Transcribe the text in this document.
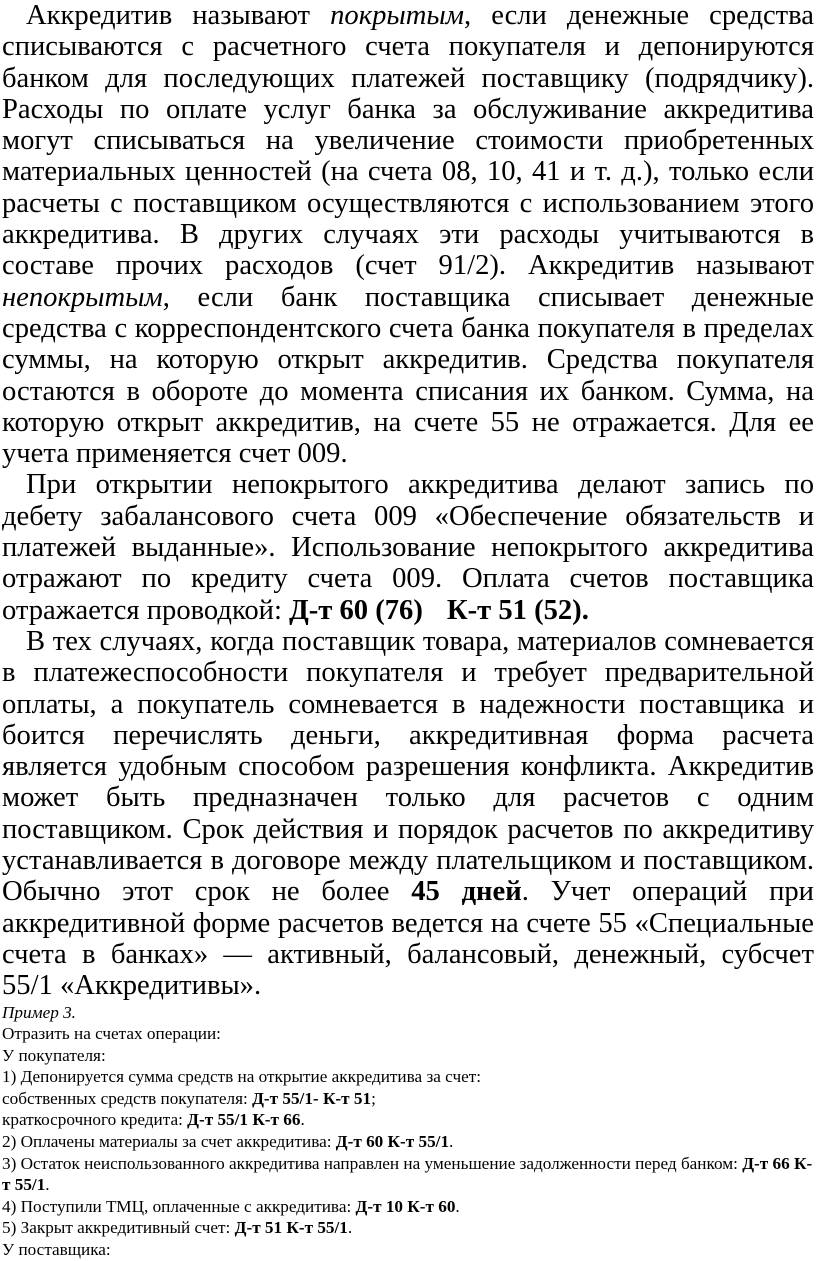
Аккредитив называют покрытым, если денежные средства списываются с расчетного счета покупателя и депонируются банком для последующих платежей поставщику (подрядчику). Расходы по оплате услуг банка за обслуживание аккредитива могут списываться на увеличение стоимости приобретенных материальных ценностей (на счета 08, 10, 41 и т. д.), только если расчеты с поставщиком осуществляются с использованием этого аккредитива. В других случаях эти расходы учитываются в составе прочих расходов (счет 91/2). Аккредитив называют непокрытым, если банк поставщика списывает денежные средства с корреспондентского счета банка покупателя в пределах суммы, на которую открыт аккредитив. Средства покупателя остаются в обороте до момента списания их банком. Сумма, на которую открыт аккредитив, на счете 55 не отражается. Для ее учета применяется счет 009.

При открытии непокрытого аккредитива делают запись по дебету забалансового счета 009 «Обеспечение обязательств и платежей выданные». Использование непокрытого аккредитива отражают по кредиту счета 009. Оплата счетов поставщика отражается проводкой: Д-т 60 (76) К-т 51 (52).

В тех случаях, когда поставщик товара, материалов сомневается в платежеспособности покупателя и требует предварительной оплаты, а покупатель сомневается в надежности поставщика и боится перечислять деньги, аккредитивная форма расчета является удобным способом разрешения конфликта. Аккредитив может быть предназначен только для расчетов с одним поставщиком. Срок действия и порядок расчетов по аккредитиву устанавливается в договоре между плательщиком и поставщиком. Обычно этот срок не более 45 дней. Учет операций при аккредитивной форме расчетов ведется на счете 55 «Специальные счета в банках» — активный, балансовый, денежный, субсчет 55/1 «Аккредитивы».

Пример 3.

Отразить на счетах операции:

У покупателя:

1) Депонируется сумма средств на открытие аккредитива за счет:

собственных средств покупателя: Д-т 55/1- К-т 51;

краткосрочного кредита: Д-т 55/1 К-т 66.

2) Оплачены материалы за счет аккредитива: Д-т 60 К-т 55/1.

3) Остаток неиспользованного аккредитива направлен на уменьшение задолженности перед банком: Д-т 66 К-т 55/1.

4) Поступили ТМЦ, оплаченные с аккредитива: Д-т 10 К-т 60.

5) Закрыт аккредитивный счет: Д-т 51 К-т 55/1.

У поставщика:
